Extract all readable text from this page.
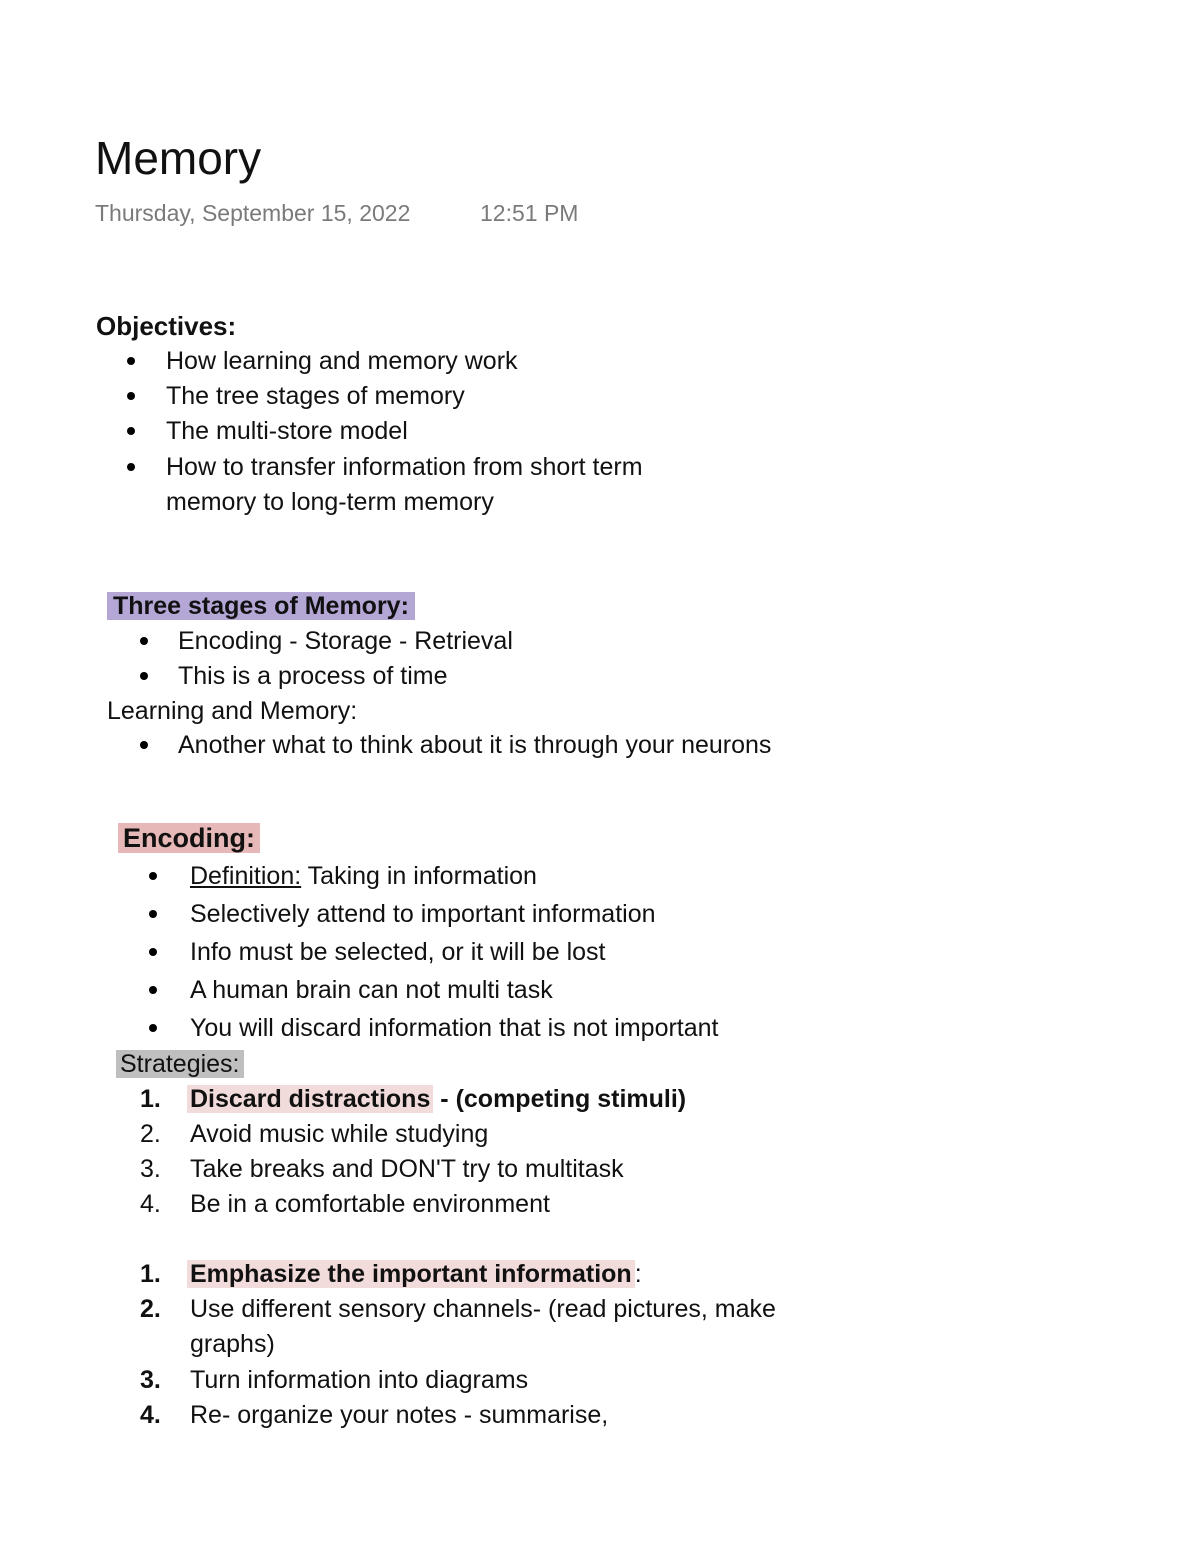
Memory
Thursday, September 15, 2022	12:51 PM
Objectives:
How learning and memory work
The tree stages of memory
The multi-store model
How to transfer information from short term
memory to long-term memory
Three stages of Memory:
Encoding - Storage - Retrieval
This is a process of time
Learning and Memory:
Another what to think about it is through your neurons
Encoding:
Definition: Taking in information
Selectively attend to important information
Info must be selected, or it will be lost
A human brain can not multi task
You will discard information that is not important
Strategies:
1. Discard distractions - (competing stimuli)
2. Avoid music while studying
3. Take breaks and DON'T try to multitask
4. Be in a comfortable environment
1. Emphasize the important information :
2. Use different sensory channels- (read pictures, make
graphs)
3. Turn information into diagrams
4. Re- organize your notes - summarise,
